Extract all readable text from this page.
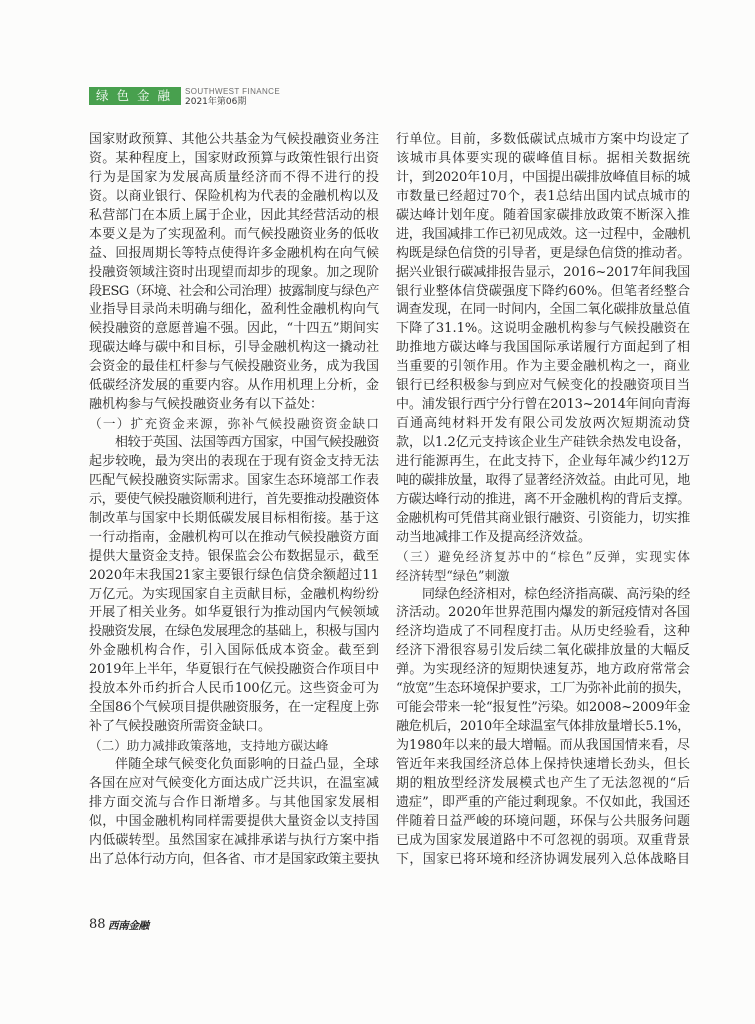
绿色金融 SOUTHWEST FINANCE
2021年第06期
国家财政预算、其他公共基金为气候投融资业务注
资。某种程度上，国家财政预算与政策性银行出资
行为是国家为发展高质量经济而不得不进行的投
资。以商业银行、保险机构为代表的金融机构以及
私营部门在本质上属于企业，因此其经营活动的根
本要义是为了实现盈利。而气候投融资业务的低收
益、回报周期长等特点使得许多金融机构在向气候
投融资领域注资时出现望而却步的现象。加之现阶
段ESG（环境、社会和公司治理）披露制度与绿色产
业指导目录尚未明确与细化，盈利性金融机构向气
候投融资的意愿普遍不强。因此，“十四五”期间实
现碳达峰与碳中和目标，引导金融机构这一撬动社
会资金的最佳杠杆参与气候投融资业务，成为我国
低碳经济发展的重要内容。从作用机理上分析，金
融机构参与气候投融资业务有以下益处：
（一）扩充资金来源，弥补气候投融资资金缺口
相较于英国、法国等西方国家，中国气候投融资
起步较晚，最为突出的表现在于现有资金支持无法
匹配气候投融资实际需求。国家生态环境部工作表
示，要使气候投融资顺利进行，首先要推动投融资体
制改革与国家中长期低碳发展目标相衔接。基于这
一行动指南，金融机构可以在推动气候投融资方面
提供大量资金支持。银保监会公布数据显示，截至
2020年末我国21家主要银行绿色信贷余额超过11
万亿元。为实现国家自主贡献目标，金融机构纷纷
开展了相关业务。如华夏银行为推动国内气候领域
投融资发展，在绿色发展理念的基础上，积极与国内
外金融机构合作，引入国际低成本资金。截至到
2019年上半年，华夏银行在气候投融资合作项目中
投放本外币约折合人民币100亿元。这些资金可为
全国86个气候项目提供融资服务，在一定程度上弥
补了气候投融资所需资金缺口。
（二）助力减排政策落地，支持地方碳达峰
伴随全球气候变化负面影响的日益凸显，全球
各国在应对气候变化方面达成广泛共识，在温室减
排方面交流与合作日渐增多。与其他国家发展相
似，中国金融机构同样需要提供大量资金以支持国
内低碳转型。虽然国家在减排承诺与执行方案中指
出了总体行动方向，但各省、市才是国家政策主要执
行单位。目前，多数低碳试点城市方案中均设定了
该城市具体要实现的碳峰值目标。据相关数据统
计，到2020年10月，中国提出碳排放峰值目标的城
市数量已经超过70个，表1总结出国内试点城市的
碳达峰计划年度。随着国家碳排放政策不断深入推
进，我国减排工作已初见成效。这一过程中，金融机
构既是绿色信贷的引导者，更是绿色信贷的推动者。
据兴业银行碳减排报告显示，2016~2017年间我国
银行业整体信贷碳强度下降约60%。但笔者经整合
调查发现，在同一时间内，全国二氧化碳排放量总值
下降了31.1%。这说明金融机构参与气候投融资在
助推地方碳达峰与我国国际承诺履行方面起到了相
当重要的引领作用。作为主要金融机构之一，商业
银行已经积极参与到应对气候变化的投融资项目当
中。浦发银行西宁分行曾在2013~2014年间向青海
百通高纯材料开发有限公司发放两次短期流动贷
款，以1.2亿元支持该企业生产硅铁余热发电设备，
进行能源再生，在此支持下，企业每年减少约12万
吨的碳排放量，取得了显著经济效益。由此可见，地
方碳达峰行动的推进，离不开金融机构的背后支撑。
金融机构可凭借其商业银行融资、引资能力，切实推
动当地减排工作及提高经济效益。
（三）避免经济复苏中的“棕色”反弹，实现实体
经济转型“绿色”刺激
同绿色经济相对，棕色经济指高碳、高污染的经
济活动。2020年世界范围内爆发的新冠疫情对各国
经济均造成了不同程度打击。从历史经验看，这种
经济下滑很容易引发后续二氧化碳排放量的大幅反
弹。为实现经济的短期快速复苏，地方政府常常会
“放宽”生态环境保护要求，工厂为弥补此前的损失，
可能会带来一轮“报复性”污染。如2008~2009年金
融危机后，2010年全球温室气体排放量增长5.1%，
为1980年以来的最大增幅。而从我国国情来看，尽
管近年来我国经济总体上保持快速增长劲头，但长
期的粗放型经济发展模式也产生了无法忽视的“后
遗症”，即严重的产能过剩现象。不仅如此，我国还
伴随着日益严峻的环境问题，环保与公共服务问题
已成为国家发展道路中不可忽视的弱项。双重背景
下，国家已将环境和经济协调发展列入总体战略目
88 西南金融
